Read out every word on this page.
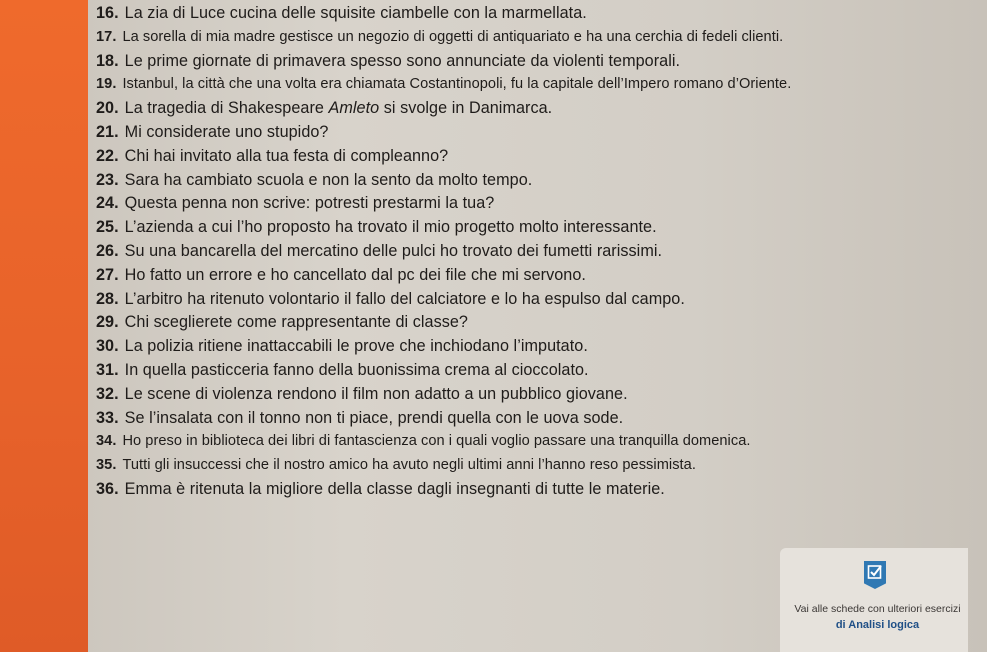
16. La zia di Luce cucina delle squisite ciambelle con la marmellata.
17. La sorella di mia madre gestisce un negozio di oggetti di antiquariato e ha una cerchia di fedeli clienti.
18. Le prime giornate di primavera spesso sono annunciate da violenti temporali.
19. Istanbul, la città che una volta era chiamata Costantinopoli, fu la capitale dell’Impero romano d’Oriente.
20. La tragedia di Shakespeare Amleto si svolge in Danimarca.
21. Mi considerate uno stupido?
22. Chi hai invitato alla tua festa di compleanno?
23. Sara ha cambiato scuola e non la sento da molto tempo.
24. Questa penna non scrive: potresti prestarmi la tua?
25. L’azienda a cui l’ho proposto ha trovato il mio progetto molto interessante.
26. Su una bancarella del mercatino delle pulci ho trovato dei fumetti rarissimi.
27. Ho fatto un errore e ho cancellato dal pc dei file che mi servono.
28. L’arbitro ha ritenuto volontario il fallo del calciatore e lo ha espulso dal campo.
29. Chi sceglierete come rappresentante di classe?
30. La polizia ritiene inattaccabili le prove che inchiodano l’imputato.
31. In quella pasticceria fanno della buonissima crema al cioccolato.
32. Le scene di violenza rendono il film non adatto a un pubblico giovane.
33. Se l’insalata con il tonno non ti piace, prendi quella con le uova sode.
34. Ho preso in biblioteca dei libri di fantascienza con i quali voglio passare una tranquilla domenica.
35. Tutti gli insuccessi che il nostro amico ha avuto negli ultimi anni l’hanno reso pessimista.
36. Emma è ritenuta la migliore della classe dagli insegnanti di tutte le materie.
Vai alle schede con ulteriori esercizi
di Analisi logica
